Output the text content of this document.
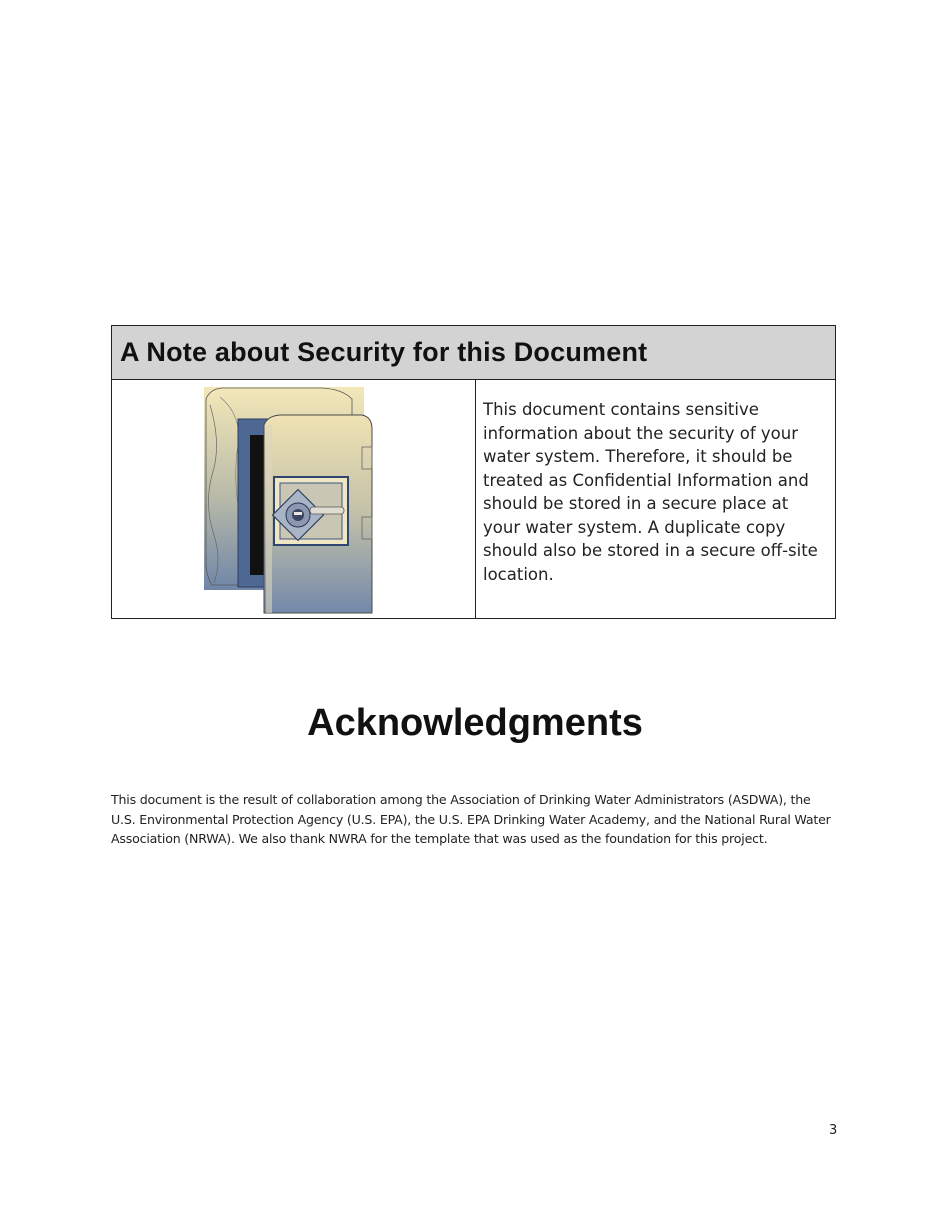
A Note about Security for this Document
This document contains sensitive information about the security of your water system. Therefore, it should be treated as Confidential Information and should be stored in a secure place at your water system. A duplicate copy should also be stored in a secure off-site location.
Acknowledgments
This document is the result of collaboration among the Association of Drinking Water Administrators (ASDWA), the U.S. Environmental Protection Agency (U.S. EPA), the U.S. EPA Drinking Water Academy, and the National Rural Water Association (NRWA). We also thank NWRA for the template that was used as the foundation for this project.
3
